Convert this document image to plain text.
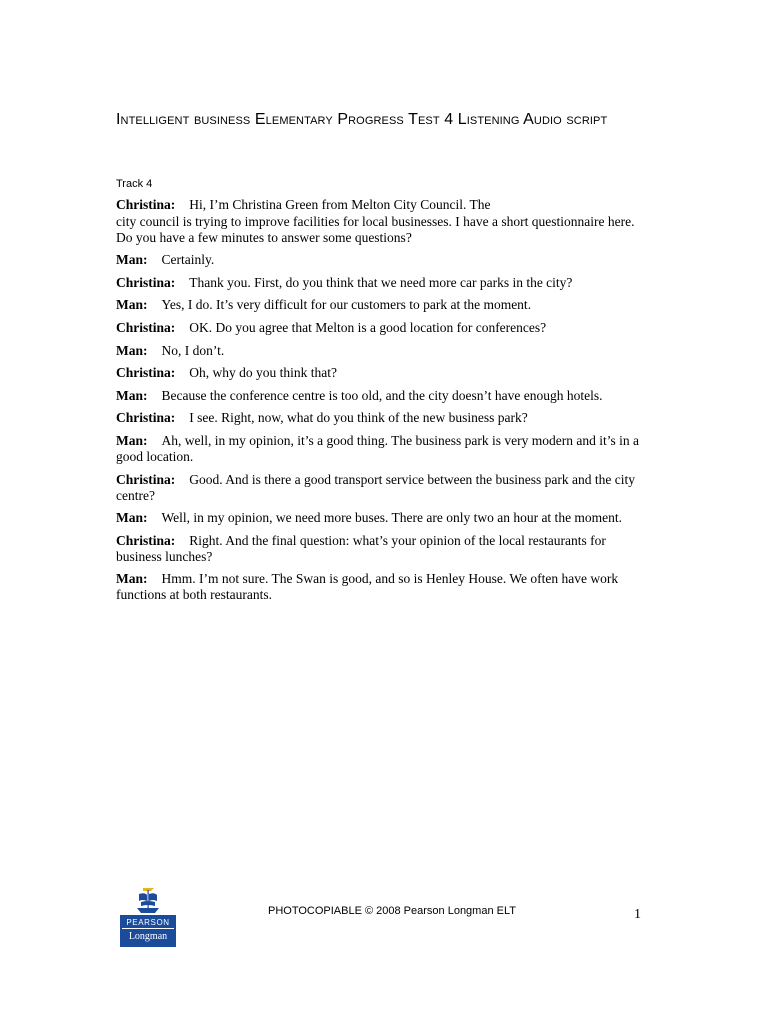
Intelligent business Elementary Progress Test 4 Listening Audio script
Track 4
Christina: Hi, I’m Christina Green from Melton City Council. The
city council is trying to improve facilities for local businesses. I have a short questionnaire here. Do you have a few minutes to answer some questions?
Man: Certainly.
Christina: Thank you. First, do you think that we need more car parks in the city?
Man: Yes, I do. It’s very difficult for our customers to park at the moment.
Christina: OK. Do you agree that Melton is a good location for conferences?
Man: No, I don’t.
Christina: Oh, why do you think that?
Man: Because the conference centre is too old, and the city doesn’t have enough hotels.
Christina: I see. Right, now, what do you think of the new business park?
Man: Ah, well, in my opinion, it’s a good thing. The business park is very modern and it’s in a good location.
Christina: Good. And is there a good transport service between the business park and the city centre?
Man: Well, in my opinion, we need more buses. There are only two an hour at the moment.
Christina: Right. And the final question: what’s your opinion of the local restaurants for business lunches?
Man: Hmm. I’m not sure. The Swan is good, and so is Henley House. We often have work functions at both restaurants.
PEARSON
Longman
PHOTOCOPIABLE © 2008 Pearson Longman ELT	1
